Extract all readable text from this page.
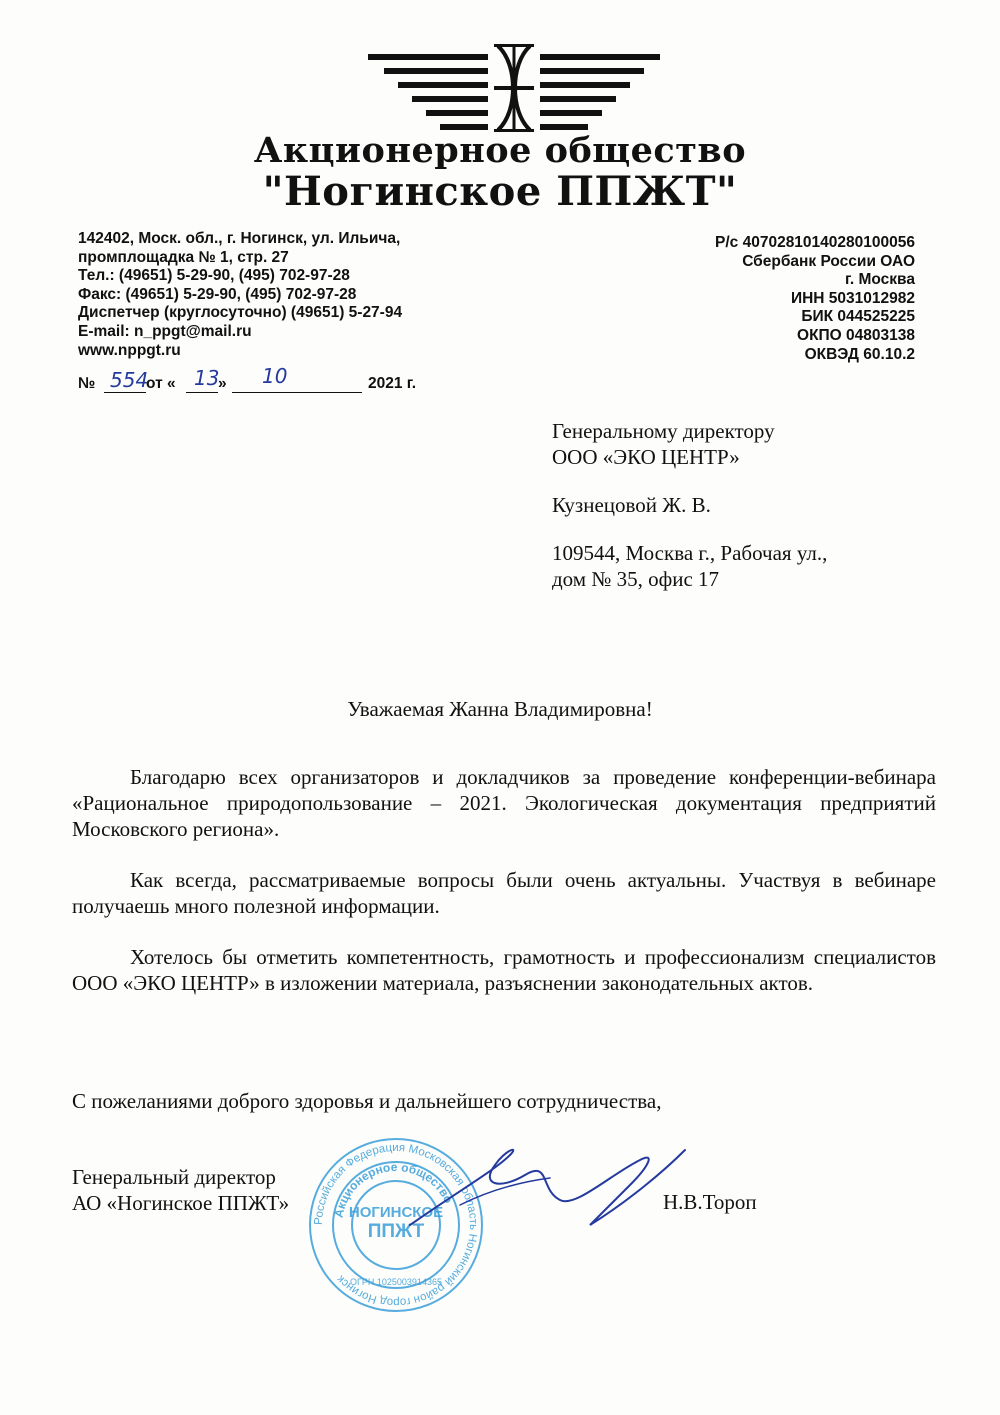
Акционерное общество
"Ногинское ППЖТ"
142402, Моск. обл., г. Ногинск, ул. Ильича,
промплощадка № 1, стр. 27
Тел.: (49651) 5-29-90, (495) 702-97-28
Факс: (49651) 5-29-90, (495) 702-97-28
Диспетчер (круглосуточно) (49651) 5-27-94
E-mail: n_ppgt@mail.ru
www.nppgt.ru
Р/с 40702810140280100056
Сбербанк России ОАО
г. Москва
ИНН 5031012982
БИК 044525225
ОКПО 04803138
ОКВЭД 60.10.2
№ 554
от « 13
» 10	2021 г.

Генеральному директору

ООО «ЭКО ЦЕНТР»

Кузнецовой Ж. В.

109544, Москва г., Рабочая ул.,

дом № 35, офис 17

Уважаемая Жанна Владимировна!

Благодарю всех организаторов и докладчиков за проведение конференции-вебинара «Рациональное природопользование – 2021. Экологическая документация предприятий Московского региона».

Как всегда, рассматриваемые вопросы были очень актуальны. Участвуя в вебинаре получаешь много полезной информации.

Хотелось бы отметить компетентность, грамотность и профессионализм специалистов ООО «ЭКО ЦЕНТР» в изложении материала, разъяснении законодательных актов.

С пожеланиями доброго здоровья и дальнейшего сотрудничества,
Генеральный директор
АО «Ногинское ППЖТ»	Н.В.Тороп
Российская Федерация Московская область Ногинский район город Ногинск
Акционерное общество
НОГИНСКОЕ
ППЖТ
ОГРН 1025003914365
